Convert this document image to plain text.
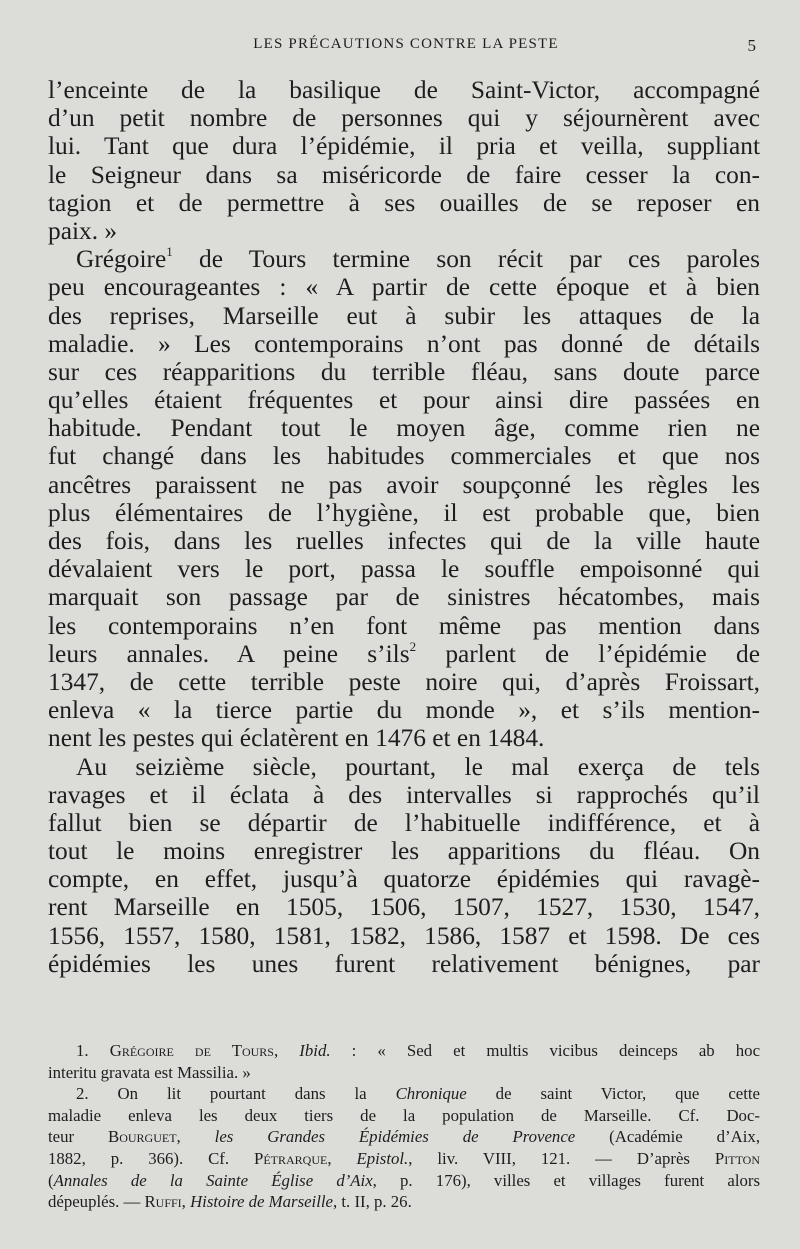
LES PRÉCAUTIONS CONTRE LA PESTE	5
l’enceinte de la basilique de Saint-Victor, accompagné
d’un petit nombre de personnes qui y séjournèrent avec
lui. Tant que dura l’épidémie, il pria et veilla, suppliant
le Seigneur dans sa miséricorde de faire cesser la con-
tagion et de permettre à ses ouailles de se reposer en
paix. »
Grégoire$^1$ de Tours termine son récit par ces paroles
peu encourageantes : « A partir de cette époque et à bien
des reprises, Marseille eut à subir les attaques de la
maladie. » Les contemporains n’ont pas donné de détails
sur ces réapparitions du terrible fléau, sans doute parce
qu’elles étaient fréquentes et pour ainsi dire passées en
habitude. Pendant tout le moyen âge, comme rien ne
fut changé dans les habitudes commerciales et que nos
ancêtres paraissent ne pas avoir soupçonné les règles les
plus élémentaires de l’hygiène, il est probable que, bien
des fois, dans les ruelles infectes qui de la ville haute
dévalaient vers le port, passa le souffle empoisonné qui
marquait son passage par de sinistres hécatombes, mais
les contemporains n’en font même pas mention dans
leurs annales. A peine s’ils$^2$ parlent de l’épidémie de
1347, de cette terrible peste noire qui, d’après Froissart,
enleva « la tierce partie du monde », et s’ils mention-
nent les pestes qui éclatèrent en 1476 et en 1484.
Au seizième siècle, pourtant, le mal exerça de tels
ravages et il éclata à des intervalles si rapprochés qu’il
fallut bien se départir de l’habituelle indifférence, et à
tout le moins enregistrer les apparitions du fléau. On
compte, en effet, jusqu’à quatorze épidémies qui ravagè-
rent Marseille en 1505, 1506, 1507, 1527, 1530, 1547,
1556, 1557, 1580, 1581, 1582, 1586, 1587 et 1598. De ces
épidémies les unes furent relativement bénignes, par
1. Grégoire de Tours, Ibid. : « Sed et multis vicibus deinceps ab hoc
interitu gravata est Massilia. »
2. On lit pourtant dans la Chronique de saint Victor, que cette
maladie enleva les deux tiers de la population de Marseille. Cf. Doc-
teur Bourguet, les Grandes Épidémies de Provence (Académie d’Aix,
1882, p. 366). Cf. Pétrarque, Epistol., liv. VIII, 121. — D’après Pitton
(Annales de la Sainte Église d’Aix, p. 176), villes et villages furent alors
dépeuplés. — Ruffi, Histoire de Marseille, t. II, p. 26.
